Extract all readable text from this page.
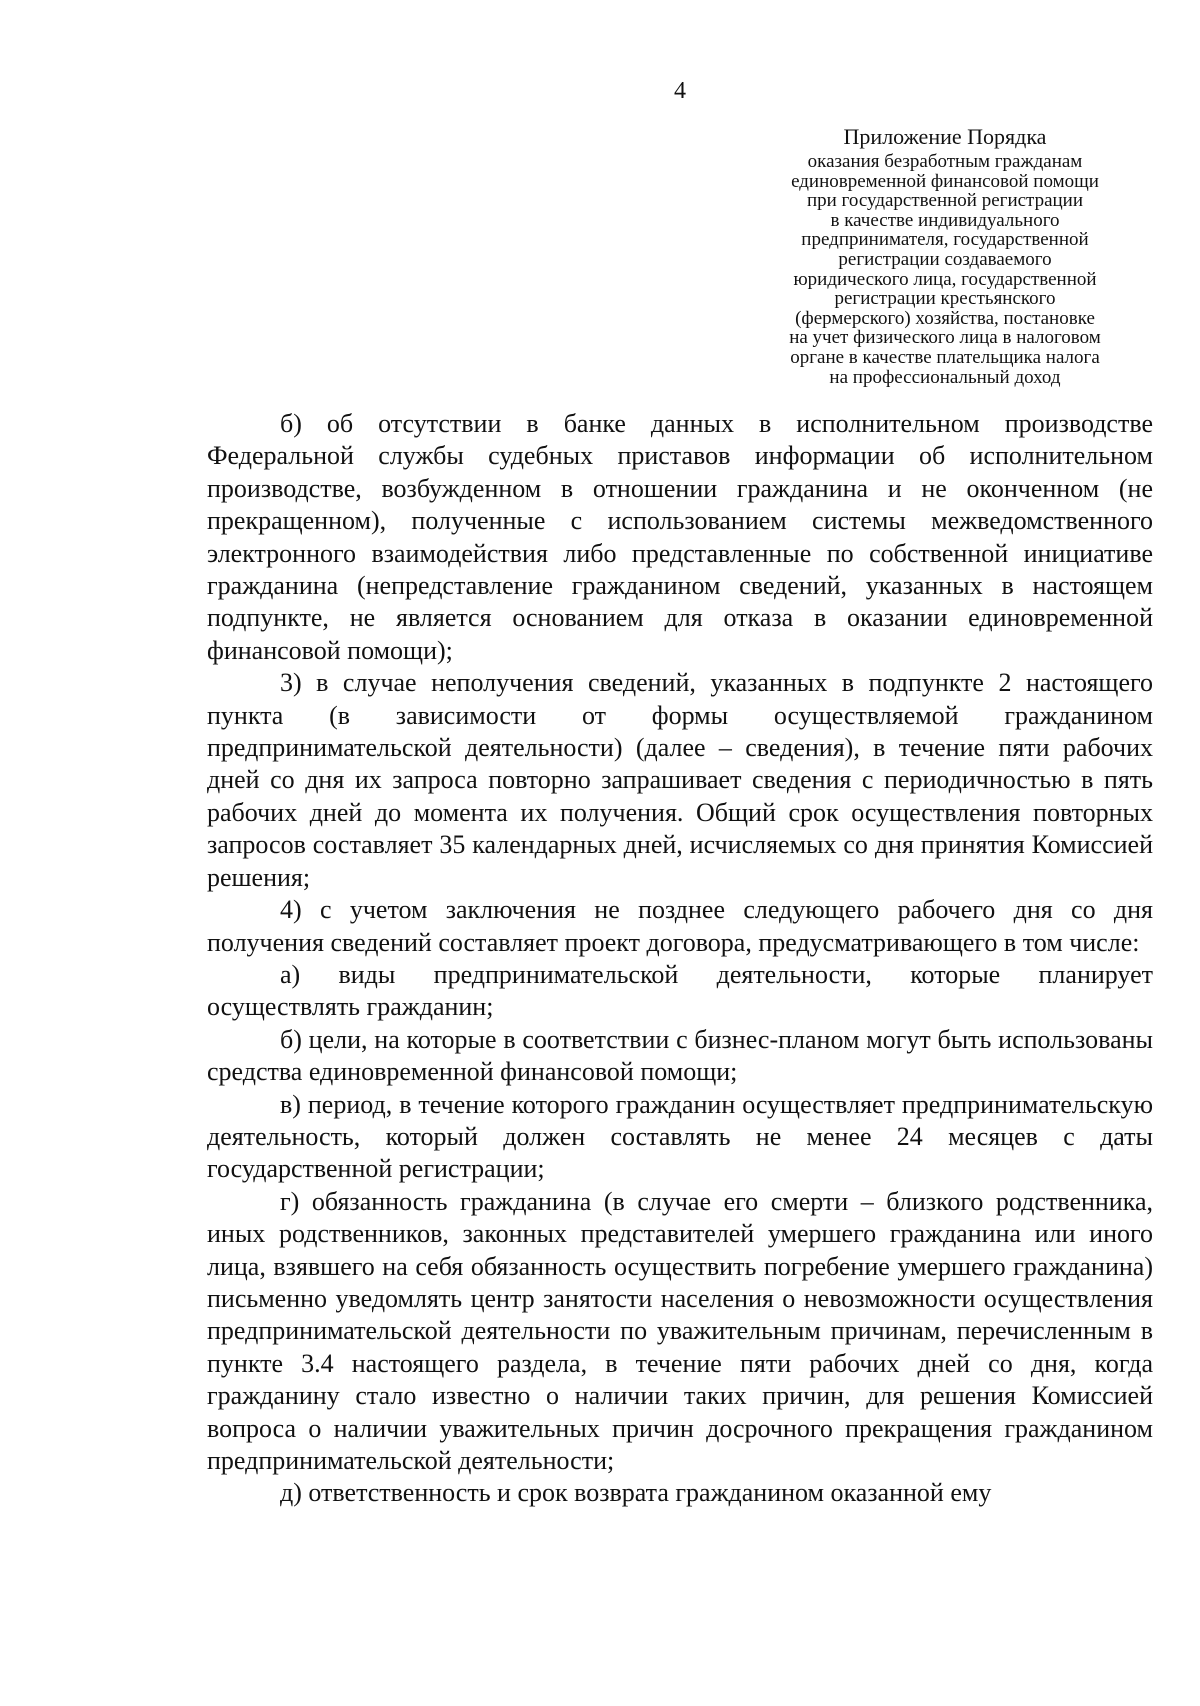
4
Приложение Порядка
оказания безработным гражданам
единовременной финансовой помощи
при государственной регистрации
в качестве индивидуального
предпринимателя, государственной
регистрации создаваемого
юридического лица, государственной
регистрации крестьянского
(фермерского) хозяйства, постановке
на учет физического лица в налоговом
органе в качестве плательщика налога
на профессиональный доход

б) об отсутствии в банке данных в исполнительном производстве Федеральной службы судебных приставов информации об исполнительном производстве, возбужденном в отношении гражданина и не оконченном (не прекращенном), полученные с использованием системы межведомственного электронного взаимодействия либо представленные по собственной инициативе гражданина (непредставление гражданином сведений, указанных в настоящем подпункте, не является основанием для отказа в оказании единовременной финансовой помощи);

3) в случае неполучения сведений, указанных в подпункте 2 настоящего пункта (в зависимости от формы осуществляемой гражданином предпринимательской деятельности) (далее – сведения), в течение пяти рабочих дней со дня их запроса повторно запрашивает сведения с периодичностью в пять рабочих дней до момента их получения. Общий срок осуществления повторных запросов составляет 35 календарных дней, исчисляемых со дня принятия Комиссией решения;

4) с учетом заключения не позднее следующего рабочего дня со дня получения сведений составляет проект договора, предусматривающего в том числе:

а) виды предпринимательской деятельности, которые планирует осуществлять гражданин;

б) цели, на которые в соответствии с бизнес-планом могут быть использованы средства единовременной финансовой помощи;

в) период, в течение которого гражданин осуществляет предпринимательскую деятельность, который должен составлять не менее 24 месяцев с даты государственной регистрации;

г) обязанность гражданина (в случае его смерти – близкого родственника, иных родственников, законных представителей умершего гражданина или иного лица, взявшего на себя обязанность осуществить погребение умершего гражданина) письменно уведомлять центр занятости населения о невозможности осуществления предпринимательской деятельности по уважительным причинам, перечисленным в пункте 3.4 настоящего раздела, в течение пяти рабочих дней со дня, когда гражданину стало известно о наличии таких причин, для решения Комиссией вопроса о наличии уважительных причин досрочного прекращения гражданином предпринимательской деятельности;

д) ответственность и срок возврата гражданином оказанной ему
